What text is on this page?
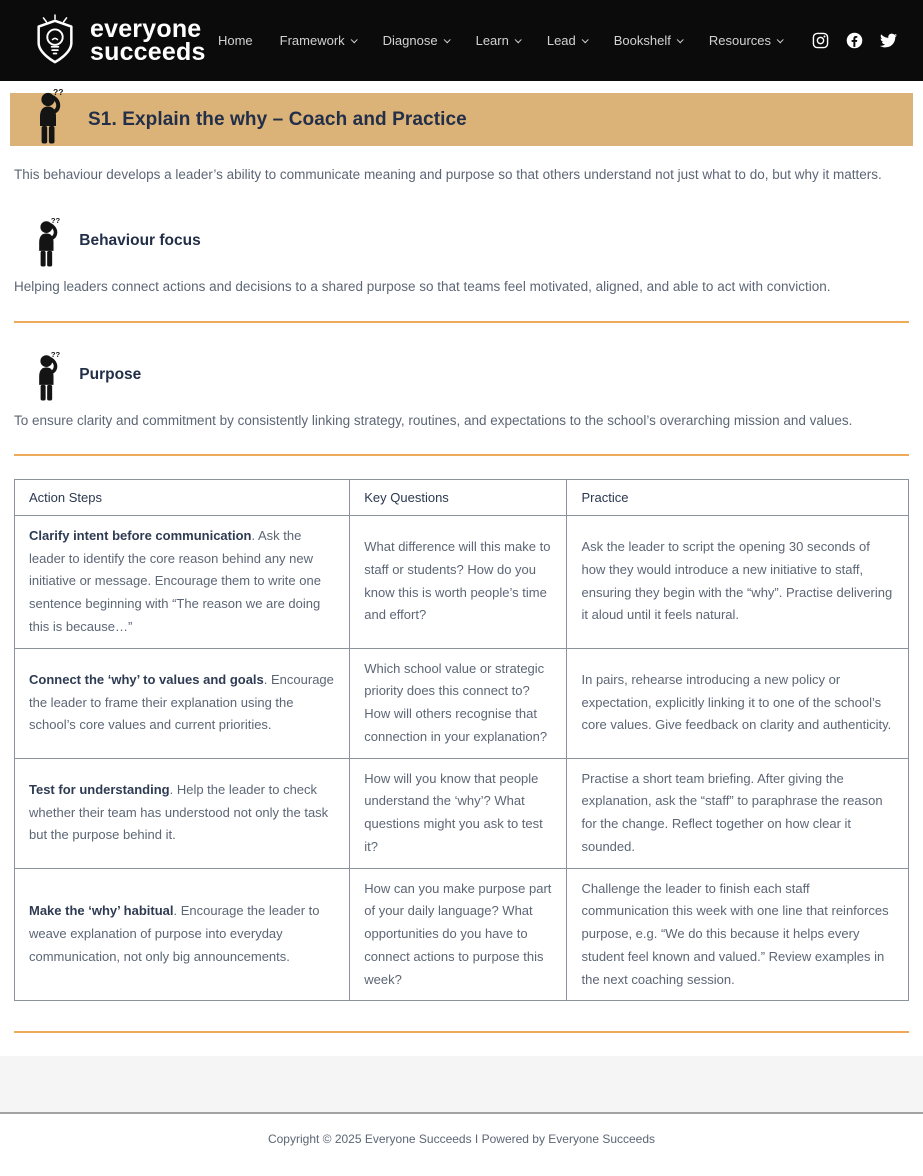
everyone
succeeds Home Framework	Diagnose	Learn	Lead	Bookshelf	Resources
??
S1. Explain the why – Coach and Practice

This behaviour develops a leader’s ability to communicate meaning and purpose so that others understand not just what to do, but why it matters.

??
Behaviour focus

Helping leaders connect actions and decisions to a shared purpose so that teams feel motivated, aligned, and able to act with conviction.

??
Purpose

To ensure clarity and commitment by consistently linking strategy, routines, and expectations to the school’s overarching mission and values.

Action Steps	Key Questions	Practice
Clarify intent before communication. Ask the leader to identify the core reason behind any new initiative or message. Encourage them to write one sentence beginning with “The reason we are doing this is because…”	What difference will this make to staff or students? How do you know this is worth people’s time and effort?	Ask the leader to script the opening 30 seconds of how they would introduce a new initiative to staff, ensuring they begin with the “why”. Practise delivering it aloud until it feels natural.
Connect the ‘why’ to values and goals. Encourage the leader to frame their explanation using the school’s core values and current priorities.	Which school value or strategic priority does this connect to? How will others recognise that connection in your explanation?	In pairs, rehearse introducing a new policy or expectation, explicitly linking it to one of the school’s core values. Give feedback on clarity and authenticity.
Test for understanding. Help the leader to check whether their team has understood not only the task but the purpose behind it.	How will you know that people understand the ‘why’? What questions might you ask to test it?	Practise a short team briefing. After giving the explanation, ask the “staff” to paraphrase the reason for the change. Reflect together on how clear it sounded.
Make the ‘why’ habitual. Encourage the leader to weave explanation of purpose into everyday communication, not only big announcements.	How can you make purpose part of your daily language? What opportunities do you have to connect actions to purpose this week?	Challenge the leader to finish each staff communication this week with one line that reinforces purpose, e.g. “We do this because it helps every student feel known and valued.” Review examples in the next coaching session.
Copyright © 2025 Everyone Succeeds I Powered by Everyone Succeeds
